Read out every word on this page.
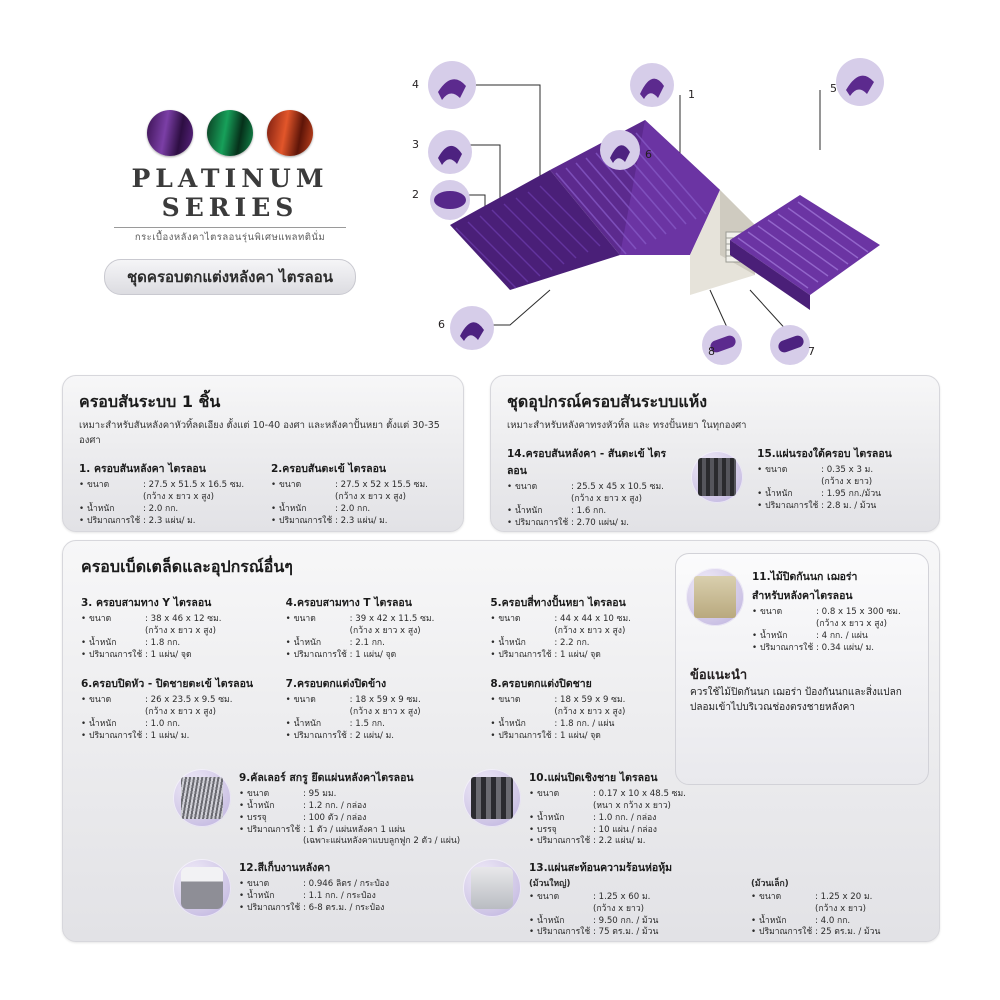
PLATINUM SERIES
กระเบื้องหลังคาไตรลอนรุ่นพิเศษแพลทตินั่ม
ชุดครอบตกแต่งหลังคา ไตรลอน
4
3
2
6
1
6
5
8	7
ครอบสันระบบ 1 ชิ้น
เหมาะสำหรับสันหลังคาหัวทิ้ลดเอียง ตั้งแต่ 10-40 องศา และหลังคาปั้นหยา ตั้งแต่ 30-35 องศา
1. ครอบสันหลังคา ไตรลอน
• ขนาด	: 27.5 x 51.5 x 16.5 ซม.
(กว้าง x ยาว x สูง)
• น้ำหนัก	: 2.0 กก.
• ปริมาณการใช้ : 2.3 แผ่น/ ม.
2.ครอบสันตะเข้ ไตรลอน
• ขนาด	: 27.5 x 52 x 15.5 ซม.
(กว้าง x ยาว x สูง)
• น้ำหนัก	: 2.0 กก.
• ปริมาณการใช้ : 2.3 แผ่น/ ม.
ชุดอุปกรณ์ครอบสันระบบแห้ง
เหมาะสำหรับหลังคาทรงหัวทิ้ล และ ทรงปั้นหยา ในทุกองศา
14.ครอบสันหลังคา - สันตะเข้ ไตรลอน
• ขนาด	: 25.5 x 45 x 10.5 ซม.
(กว้าง x ยาว x สูง)
• น้ำหนัก	: 1.6 กก.
• ปริมาณการใช้ : 2.70 แผ่น/ ม.
15.แผ่นรองใต้ครอบ ไตรลอน
• ขนาด	: 0.35 x 3 ม.
(กว้าง x ยาว)
• น้ำหนัก	: 1.95 กก./ม้วน
• ปริมาณการใช้ : 2.8 ม. / ม้วน
ครอบเบ็ดเตล็ดและอุปกรณ์อื่นๆ
3. ครอบสามทาง Y ไตรลอน
• ขนาด	: 38 x 46 x 12 ซม.
(กว้าง x ยาว x สูง)
• น้ำหนัก	: 1.8 กก.
• ปริมาณการใช้ : 1 แผ่น/ จุด
4.ครอบสามทาง T ไตรลอน
• ขนาด	: 39 x 42 x 11.5 ซม.
(กว้าง x ยาว x สูง)
• น้ำหนัก	: 2.1 กก.
• ปริมาณการใช้ : 1 แผ่น/ จุด
5.ครอบสี่ทางปั้นหยา ไตรลอน
• ขนาด	: 44 x 44 x 10 ซม.
(กว้าง x ยาว x สูง)
• น้ำหนัก	: 2.2 กก.
• ปริมาณการใช้ : 1 แผ่น/ จุด
6.ครอบปิดหัว - ปิดชายตะเข้ ไตรลอน
• ขนาด	: 26 x 23.5 x 9.5 ซม.
(กว้าง x ยาว x สูง)
• น้ำหนัก	: 1.0 กก.
• ปริมาณการใช้ : 1 แผ่น/ ม.
7.ครอบตกแต่งปิดข้าง
• ขนาด	: 18 x 59 x 9 ซม.
(กว้าง x ยาว x สูง)
• น้ำหนัก	: 1.5 กก.
• ปริมาณการใช้ : 2 แผ่น/ ม.
8.ครอบตกแต่งปิดชาย
• ขนาด	: 18 x 59 x 9 ซม.
(กว้าง x ยาว x สูง)
• น้ำหนัก	: 1.8 กก. / แผ่น
• ปริมาณการใช้ : 1 แผ่น/ จุด
11.ไม้ปิดกันนก เฌอร่า
สำหรับหลังคาไตรลอน
• ขนาด	: 0.8 x 15 x 300 ซม.
(กว้าง x ยาว x สูง)
• น้ำหนัก	: 4 กก. / แผ่น
• ปริมาณการใช้ : 0.34 แผ่น/ ม.
ข้อแนะนำ
ควรใช้ไม้ปิดกันนก เฌอร่า ป้องกันนกและสิ่งแปลกปลอมเข้าไปบริเวณช่องตรงชายหลังคา
9.คัลเลอร์ สกรู ยึดแผ่นหลังคาไตรลอน
• ขนาด	: 95 มม.
• น้ำหนัก	: 1.2 กก. / กล่อง
• บรรจุ	: 100 ตัว / กล่อง
• ปริมาณการใช้ : 1 ตัว / แผ่นหลังคา 1 แผ่น
(เฉพาะแผ่นหลังคาแบบลูกฟูก 2 ตัว / แผ่น)
10.แผ่นปิดเชิงชาย ไตรลอน
• ขนาด	: 0.17 x 10 x 48.5 ซม.
(หนา x กว้าง x ยาว)
• น้ำหนัก	: 1.0 กก. / กล่อง
• บรรจุ	: 10 แผ่น / กล่อง
• ปริมาณการใช้ : 2.2 แผ่น/ ม.
12.สีเก็บงานหลังคา
• ขนาด	: 0.946 ลิตร / กระป๋อง
• น้ำหนัก	: 1.1 กก. / กระป๋อง
• ปริมาณการใช้ : 6-8 ตร.ม. / กระป๋อง
13.แผ่นสะท้อนความร้อนห่อหุ้ม
(ม้วนใหญ่)
• ขนาด	: 1.25 x 60 ม.
(กว้าง x ยาว)
• น้ำหนัก	: 9.50 กก. / ม้วน
• ปริมาณการใช้ : 75 ตร.ม. / ม้วน
(ม้วนเล็ก)
• ขนาด	: 1.25 x 20 ม.
(กว้าง x ยาว)
• น้ำหนัก	: 4.0 กก.
• ปริมาณการใช้ : 25 ตร.ม. / ม้วน
